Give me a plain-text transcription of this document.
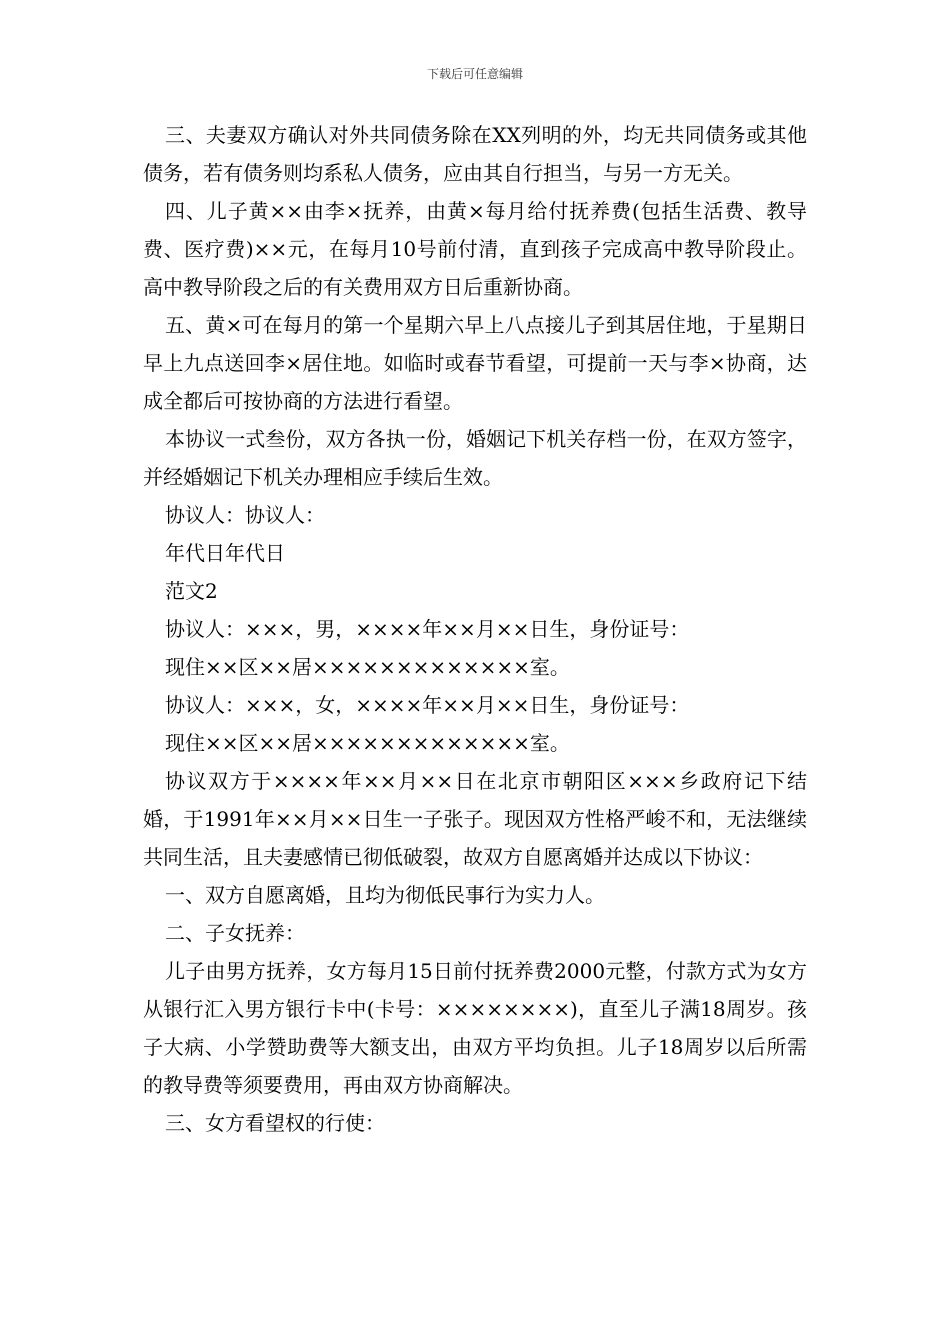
下载后可任意编辑

三、夫妻双方确认对外共同债务除在XX列明的外，均无共同债务或其他债务，若有债务则均系私人债务，应由其自行担当，与另一方无关。

四、儿子黄××由李×抚养，由黄×每月给付抚养费(包括生活费、教导费、医疗费)××元，在每月10号前付清，直到孩子完成高中教导阶段止。高中教导阶段之后的有关费用双方日后重新协商。

五、黄×可在每月的第一个星期六早上八点接儿子到其居住地，于星期日早上九点送回李×居住地。如临时或春节看望，可提前一天与李×协商，达成全都后可按协商的方法进行看望。

本协议一式叁份，双方各执一份，婚姻记下机关存档一份，在双方签字，并经婚姻记下机关办理相应手续后生效。

协议人：协议人：

年代日年代日

范文2

协议人：×××，男，××××年××月××日生，身份证号：

现住××区××居×××××××××××××室。

协议人：×××，女，××××年××月××日生，身份证号：

现住××区××居×××××××××××××室。

协议双方于××××年××月××日在北京市朝阳区×××乡政府记下结婚，于1991年××月××日生一子张子。现因双方性格严峻不和，无法继续共同生活，且夫妻感情已彻低破裂，故双方自愿离婚并达成以下协议：

一、双方自愿离婚，且均为彻低民事行为实力人。

二、子女抚养：

儿子由男方抚养，女方每月15日前付抚养费2000元整，付款方式为女方从银行汇入男方银行卡中(卡号：××××××××)，直至儿子满18周岁。孩子大病、小学赞助费等大额支出，由双方平均负担。儿子18周岁以后所需的教导费等须要费用，再由双方协商解决。

三、女方看望权的行使：
